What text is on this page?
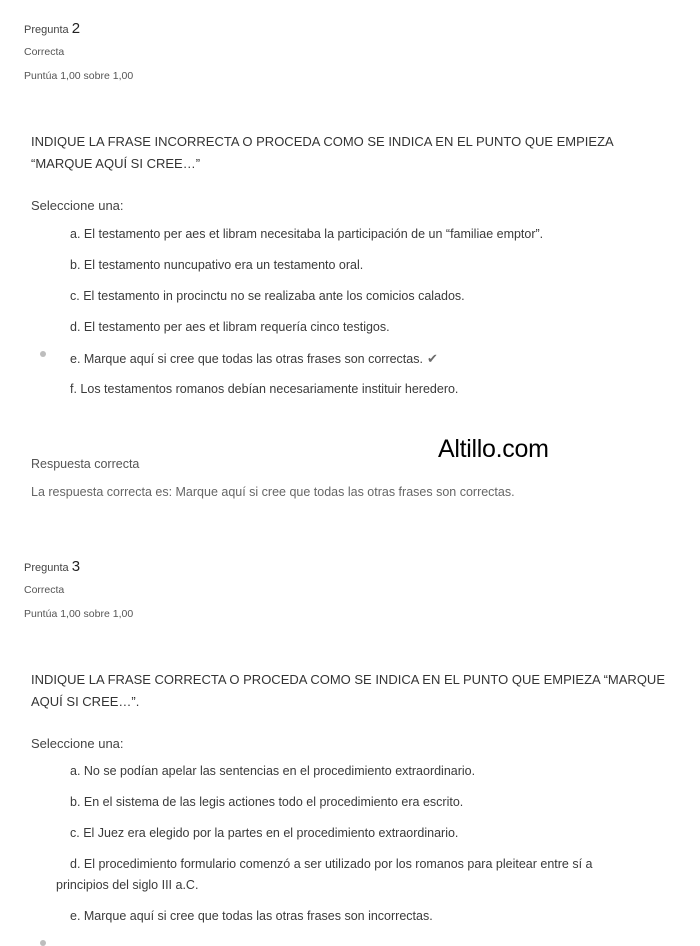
Pregunta 2
Correcta
Puntúa 1,00 sobre 1,00
INDIQUE LA FRASE INCORRECTA O PROCEDA COMO SE INDICA EN EL PUNTO QUE EMPIEZA
“MARQUE AQUÍ SI CREE…”
Seleccione una:
a. El testamento per aes et libram necesitaba la participación de un “familiae emptor”.
b. El testamento nuncupativo era un testamento oral.
c. El testamento in procinctu no se realizaba ante los comicios calados.
d. El testamento per aes et libram requería cinco testigos.
e. Marque aquí si cree que todas las otras frases son correctas. ✔
f. Los testamentos romanos debían necesariamente instituir heredero.
Altillo.com
Respuesta correcta
La respuesta correcta es: Marque aquí si cree que todas las otras frases son correctas.
Pregunta 3
Correcta
Puntúa 1,00 sobre 1,00
INDIQUE LA FRASE CORRECTA O PROCEDA COMO SE INDICA EN EL PUNTO QUE EMPIEZA “MARQUE
AQUÍ SI CREE…”.
Seleccione una:
a. No se podían apelar las sentencias en el procedimiento extraordinario.
b. En el sistema de las legis actiones todo el procedimiento era escrito.
c. El Juez era elegido por la partes en el procedimiento extraordinario.
d. El procedimiento formulario comenzó a ser utilizado por los romanos para pleitear entre sí a
principios del siglo III a.C.
e. Marque aquí si cree que todas las otras frases son incorrectas.
